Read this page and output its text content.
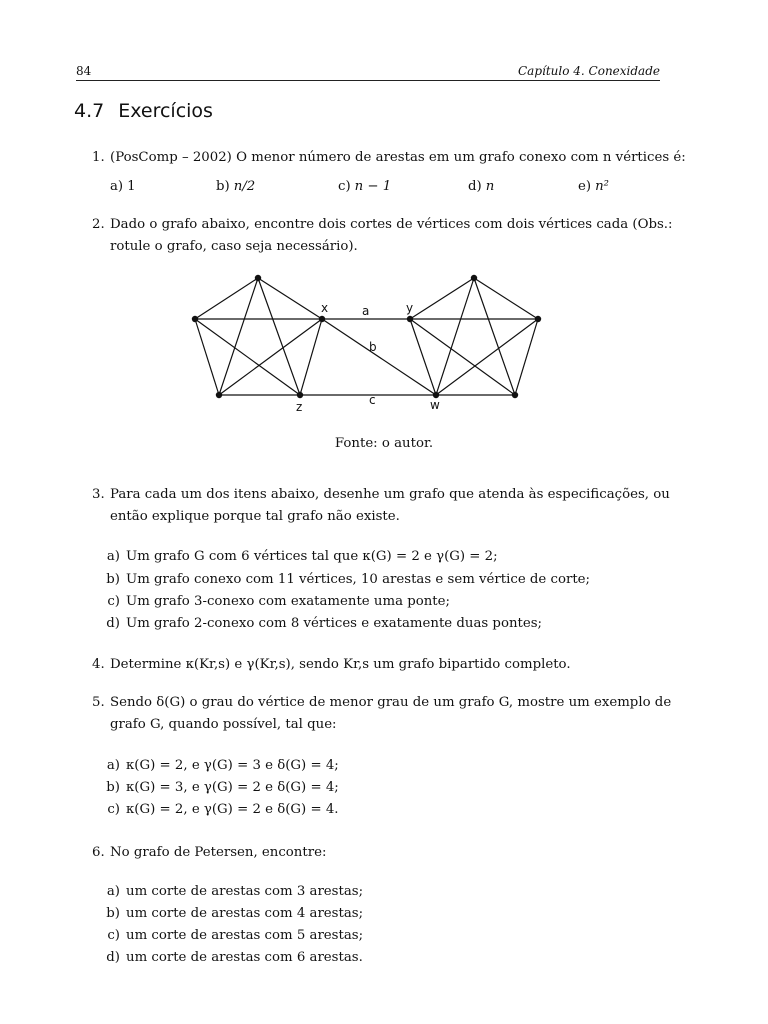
84	Capítulo 4. Conexidade
4.7 Exercícios
1. (PosComp – 2002) O menor número de arestas em um grafo conexo com n vértices é:
a) 1	b) n/2	c) n − 1	d) n	e) n²
2. Dado o grafo abaixo, encontre dois cortes de vértices com dois vértices cada (Obs.:
rotule o grafo, caso seja necessário).
x	y
z	w
a
b
c
Fonte: o autor.
3. Para cada um dos itens abaixo, desenhe um grafo que atenda às especificações, ou
então explique porque tal grafo não existe.
a) Um grafo G com 6 vértices tal que κ(G) = 2 e γ(G) = 2;
b) Um grafo conexo com 11 vértices, 10 arestas e sem vértice de corte;
c) Um grafo 3-conexo com exatamente uma ponte;
d) Um grafo 2-conexo com 8 vértices e exatamente duas pontes;
4. Determine κ(Kr,s) e γ(Kr,s), sendo Kr,s um grafo bipartido completo.
5. Sendo δ(G) o grau do vértice de menor grau de um grafo G, mostre um exemplo de
grafo G, quando possível, tal que:
a) κ(G) = 2, e γ(G) = 3 e δ(G) = 4;
b) κ(G) = 3, e γ(G) = 2 e δ(G) = 4;
c) κ(G) = 2, e γ(G) = 2 e δ(G) = 4.
6. No grafo de Petersen, encontre:
a) um corte de arestas com 3 arestas;
b) um corte de arestas com 4 arestas;
c) um corte de arestas com 5 arestas;
d) um corte de arestas com 6 arestas.
